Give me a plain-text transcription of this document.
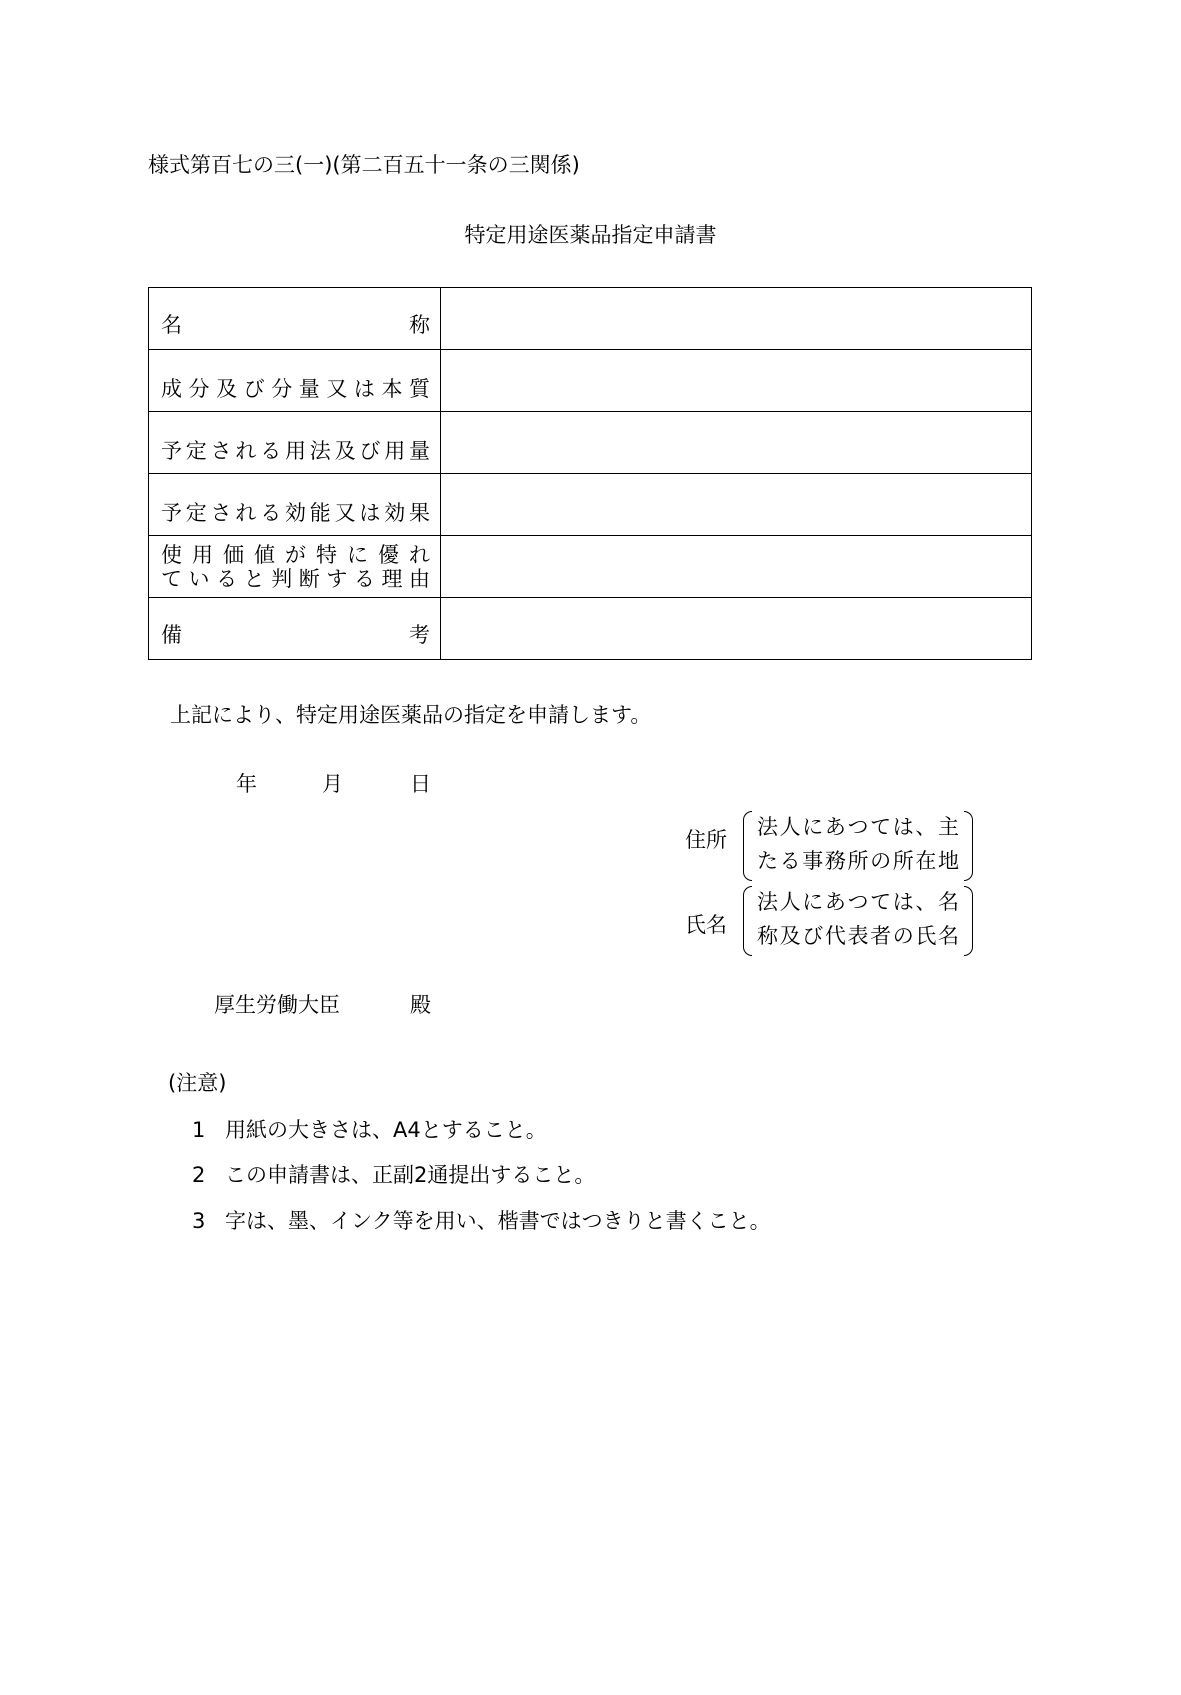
様式第百七の三(一)(第二百五十一条の三関係)
特定用途医薬品指定申請書
名	称

成分及び分量又は本質

予定される用法及び用量

予定される効能又は効果

使用価値が特に優れ
ていると判断する理由

備	考

上記により、特定用途医薬品の指定を申請します。
年	月	日
住所
法人にあつては、主
たる事務所の所在地
氏名
法人にあつては、名
称及び代表者の氏名
厚生労働大臣	殿
(注意)
1 用紙の大きさは、A4とすること。
2 この申請書は、正副2通提出すること。
3 字は、墨、インク等を用い、楷書ではつきりと書くこと。
